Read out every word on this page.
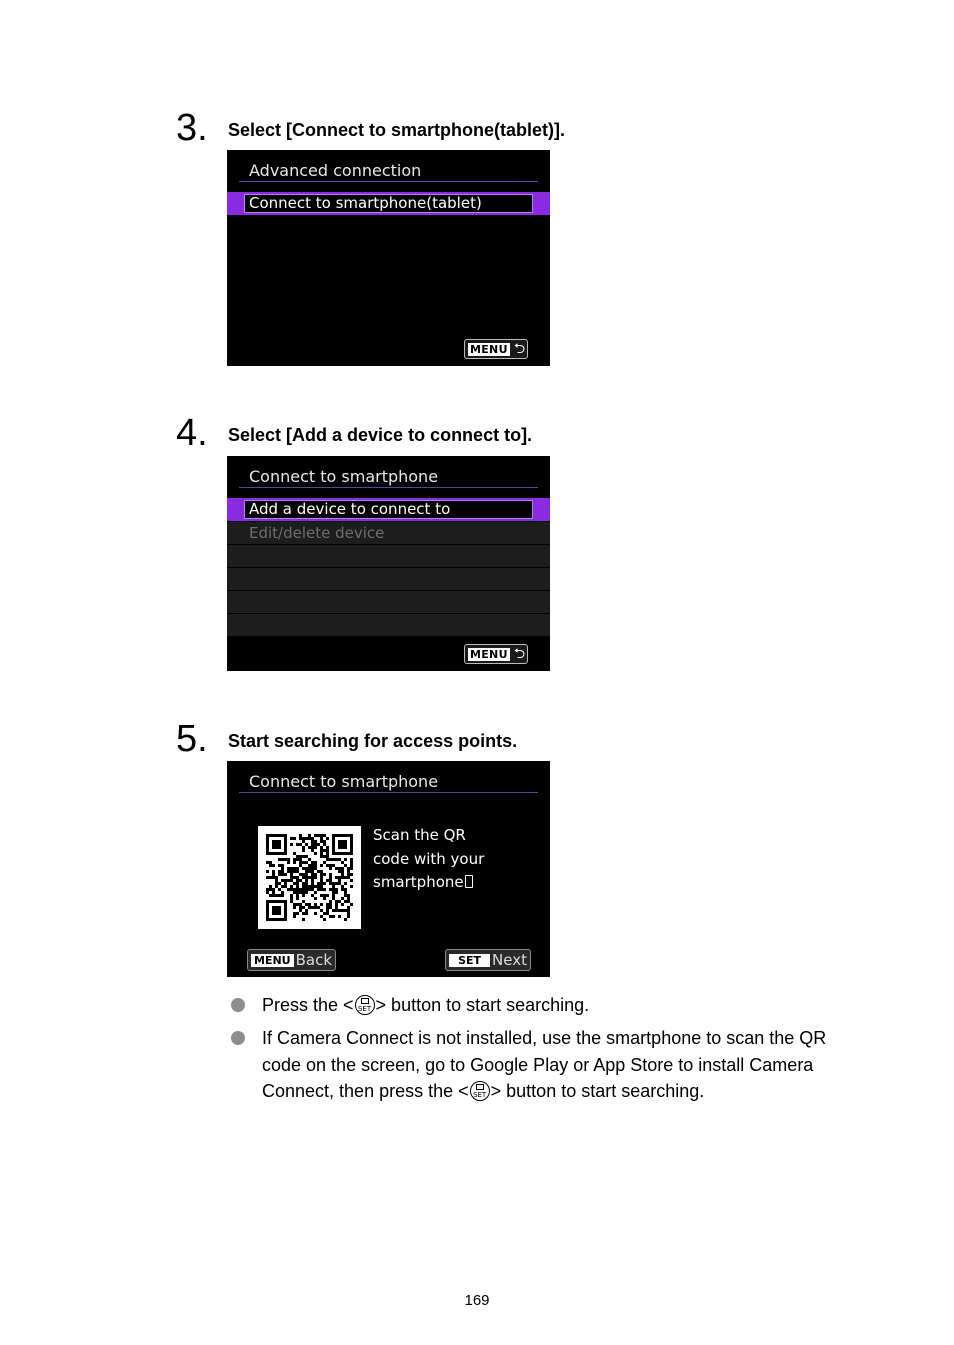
3. Select [Connect to smartphone(tablet)].
Advanced connection
Connect to smartphone(tablet)
MENU ⮌
4. Select [Add a device to connect to].
Connect to smartphone
Add a device to connect to
Edit/delete device
MENU ⮌
5. Start searching for access points.
Connect to smartphone
Scan the QR
code with your
smartphone
MENU Back	SET Next
Press the < SET > button to start searching.
If Camera Connect is not installed, use the smartphone to scan the QR
code on the screen, go to Google Play or App Store to install Camera
Connect, then press the < SET > button to start searching.
169
